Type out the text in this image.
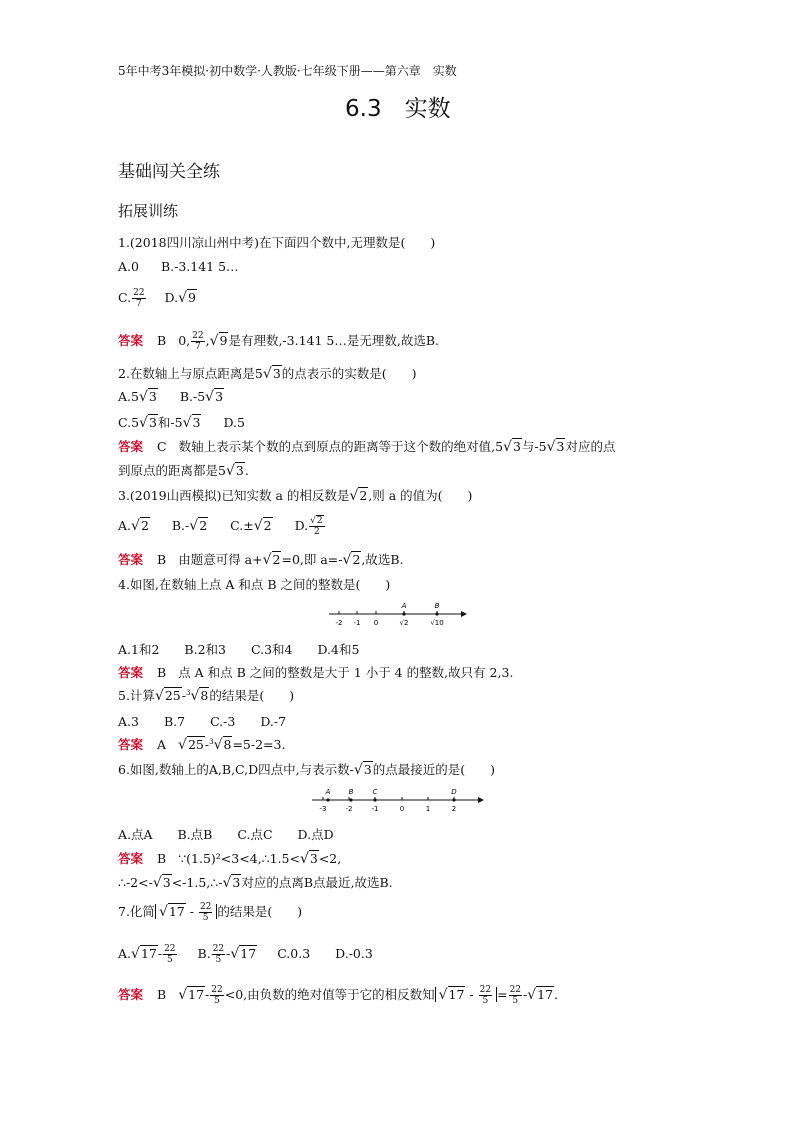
5年中考3年模拟·初中数学·人教版·七年级下册——第六章　实数
6.3　实数
基础闯关全练
拓展训练
1.(2018四川凉山州中考)在下面四个数中,无理数是(　　)
A.0 B.-3.141 5…
C. $\frac{22}{7} D.√9$
答案 B 0, $\frac{22}{7} ,√9$是有理数,-3.141 5…是无理数,故选B.
2.在数轴上与原点距离是5√3的点表示的实数是(　　)
A.5√3 B.-5√3
C.5√3和-5√3 D.5
答案 C 数轴上表示某个数的点到原点的距离等于这个数的绝对值,5√3与-5√3对应的点
到原点的距离都是5√3.
3.(2019山西模拟)已知实数 a 的相反数是√2,则 a 的值为(　　)
A.√2 B.-√2 C.±√2 D. $\frac{√2}{2}$
答案 B 由题意可得 a+√2=0,即 a=-√2,故选B.
4.如图,在数轴上点 A 和点 B 之间的整数是(　　)
-2 -1 0	√2	√10
A	B
A.1和2　　B.2和3　　C.3和4　　D.4和5
答案 B 点 A 和点 B 之间的整数是大于 1 小于 4 的整数,故只有 2,3.
5.计算√25-$^3$√8的结果是(　　)
A.3　　B.7　　C.-3　　D.-7
答案 A √25-$^3$√8=5-2=3.
6.如图,数轴上的A,B,C,D四点中,与表示数-√3的点最接近的是(　　)
-3	-2	-1	0	1	2
A	B	C	D
A.点A　　B.点B　　C.点C　　D.点D
答案 B ∵(1.5)²<3<4,∴1.5<√3<2,
∴-2<-√3<-1.5,∴-√3对应的点离B点最近,故选B.
7.化简 $√17 - \frac{22}{5}$ 的结果是(　　)
$A.√17- \frac{22}{5} B$. $\frac{22}{5} -√17$ C.0.3　　D.-0.3
答案 B $√17- \frac{22}{5} <0$,由负数的绝对值等于它的相反数知 $√17 - \frac{22}{5} = \frac{22}{5} -√17$.
